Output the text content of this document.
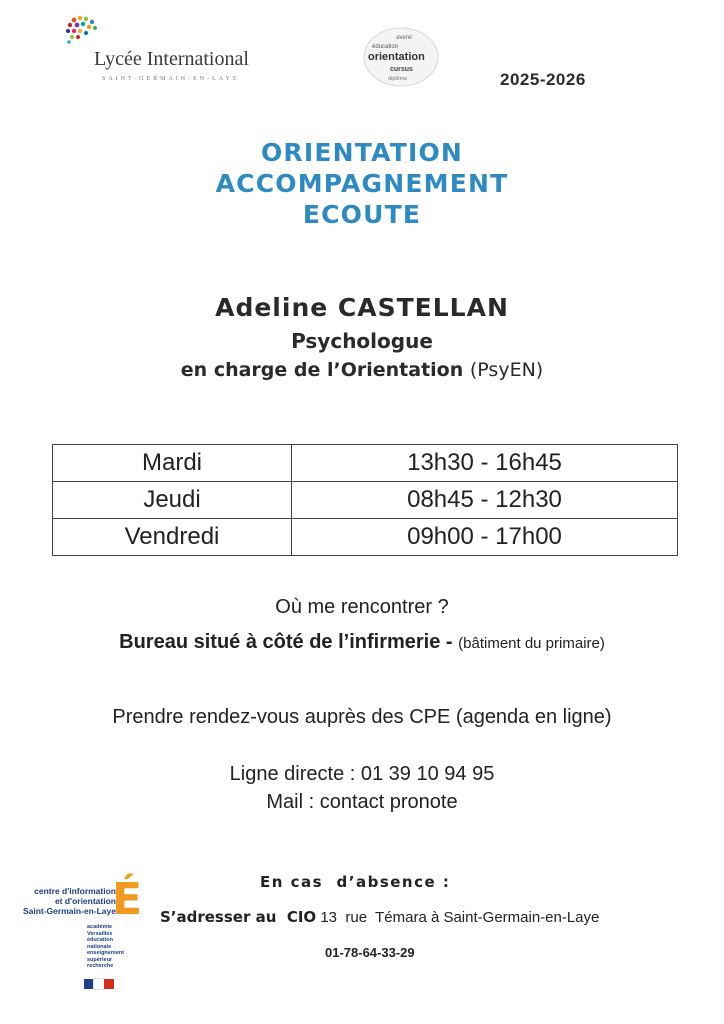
Lycée International
SAINT-GERMAIN-EN-LAYE
avenir
éducation
orientation
cursus
diplôme	2025-2026
ORIENTATION
ACCOMPAGNEMENT
ECOUTE
Adeline CASTELLAN
Psychologue
en charge de l’Orientation (PsyEN)
Mardi	13h30 - 16h45
Jeudi	08h45 - 12h30
Vendredi	09h00 - 17h00
Où me rencontrer ?
Bureau situé à côté de l’infirmerie - (bâtiment du primaire)
Prendre rendez-vous auprès des CPE (agenda en ligne)
Ligne directe : 01 39 10 94 95
Mail : contact pronote
centre d'information
et d'orientation
Saint-Germain-en-Laye
É
académie
Versailles
éducation
nationale
enseignement
supérieur
recherche
En cas  d’absence :
S’adresser au  CIO 13  rue  Témara à Saint-Germain-en-Laye
01-78-64-33-29
